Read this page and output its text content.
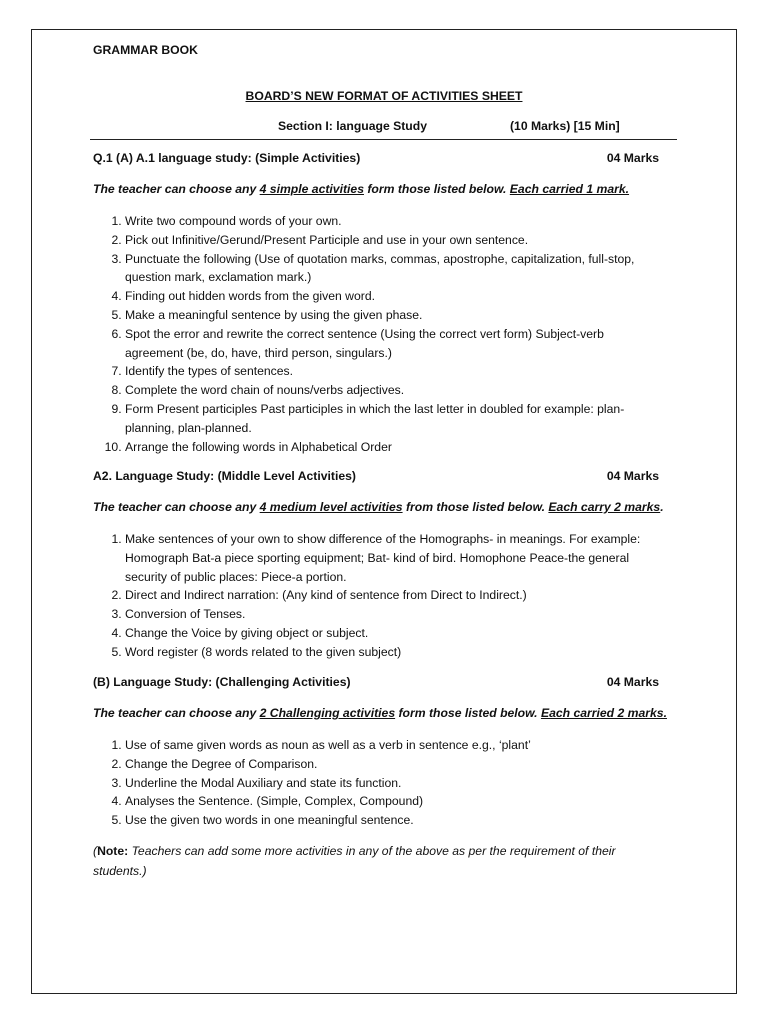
GRAMMAR BOOK
BOARD’S NEW FORMAT OF ACTIVITIES SHEET
Section I: language Study	(10 Marks) [15 Min]
Q.1 (A) A.1 language study: (Simple Activities)	04 Marks
The teacher can choose any 4 simple activities form those listed below. Each carried 1 mark.
1. Write two compound words of your own.
2. Pick out Infinitive/Gerund/Present Participle and use in your own sentence.
3. Punctuate the following (Use of quotation marks, commas, apostrophe, capitalization, full-stop, question mark, exclamation mark.)
4. Finding out hidden words from the given word.
5. Make a meaningful sentence by using the given phase.
6. Spot the error and rewrite the correct sentence (Using the correct vert form) Subject-verb agreement (be, do, have, third person, singulars.)
7. Identify the types of sentences.
8. Complete the word chain of nouns/verbs adjectives.
9. Form Present participles Past participles in which the last letter in doubled for example: plan-planning, plan-planned.
10. Arrange the following words in Alphabetical Order
A2. Language Study: (Middle Level Activities)	04 Marks
The teacher can choose any 4 medium level activities from those listed below. Each carry 2 marks.
1. Make sentences of your own to show difference of the Homographs- in meanings. For example: Homograph Bat-a piece sporting equipment; Bat- kind of bird. Homophone Peace-the general security of public places: Piece-a portion.
2. Direct and Indirect narration: (Any kind of sentence from Direct to Indirect.)
3. Conversion of Tenses.
4. Change the Voice by giving object or subject.
5. Word register (8 words related to the given subject)
(B) Language Study: (Challenging Activities)	04 Marks
The teacher can choose any 2 Challenging activities form those listed below. Each carried 2 marks.
1. Use of same given words as noun as well as a verb in sentence e.g., ‘plant’
2. Change the Degree of Comparison.
3. Underline the Modal Auxiliary and state its function.
4. Analyses the Sentence. (Simple, Complex, Compound)
5. Use the given two words in one meaningful sentence.
(Note: Teachers can add some more activities in any of the above as per the requirement of their students.)
